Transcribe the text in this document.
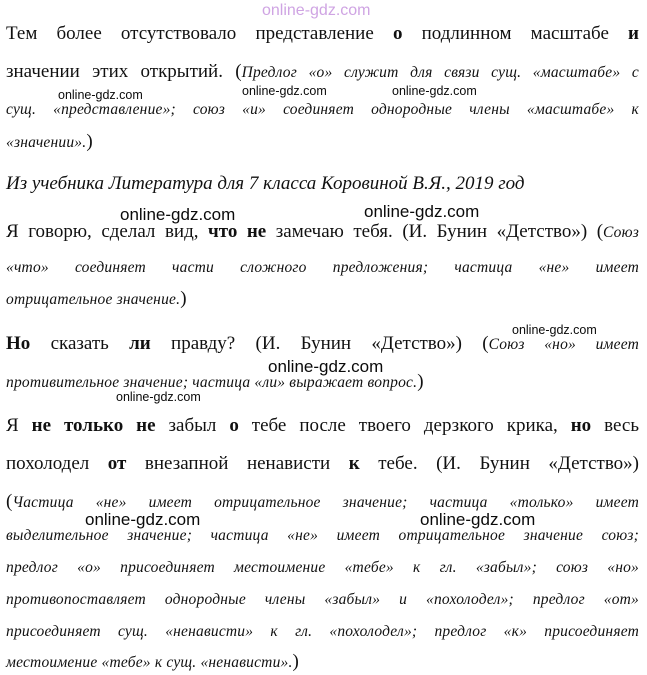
online-gdz.com
online-gdz.com	online-gdz.com
online-gdz.com
online-gdz.com	online-gdz.com
online-gdz.com
online-gdz.com
online-gdz.com
online-gdz.com	online-gdz.com
Тем более отсутствовало представление о подлинном масштабе и
значении этих открытий. (Предлог «о» служит для связи сущ. «масштабе» с
сущ. «представление»; союз «и» соединяет однородные члены «масштабе» к
«значении».)
Из учебника Литература для 7 класса Коровиной В.Я., 2019 год
Я говорю, сделал вид, что не замечаю тебя. (И. Бунин «Детство») (Союз
«что» соединяет части сложного предложения; частица «не» имеет
отрицательное значение.)
Но сказать ли правду? (И. Бунин «Детство») (Союз «но» имеет
противительное значение; частица «ли» выражает вопрос.)
Я не только не забыл о тебе после твоего дерзкого крика, но весь
похолодел от внезапной ненависти к тебе. (И. Бунин «Детство»)
(Частица «не» имеет отрицательное значение; частица «только» имеет
выделительное значение; частица «не» имеет отрицательное значение союз;
предлог «о» присоединяет местоимение «тебе» к гл. «забыл»; союз «но»
противопоставляет однородные члены «забыл» и «похолодел»; предлог «от»
присоединяет сущ. «ненависти» к гл. «похолодел»; предлог «к» присоединяет
местоимение «тебе» к сущ. «ненависти».)
